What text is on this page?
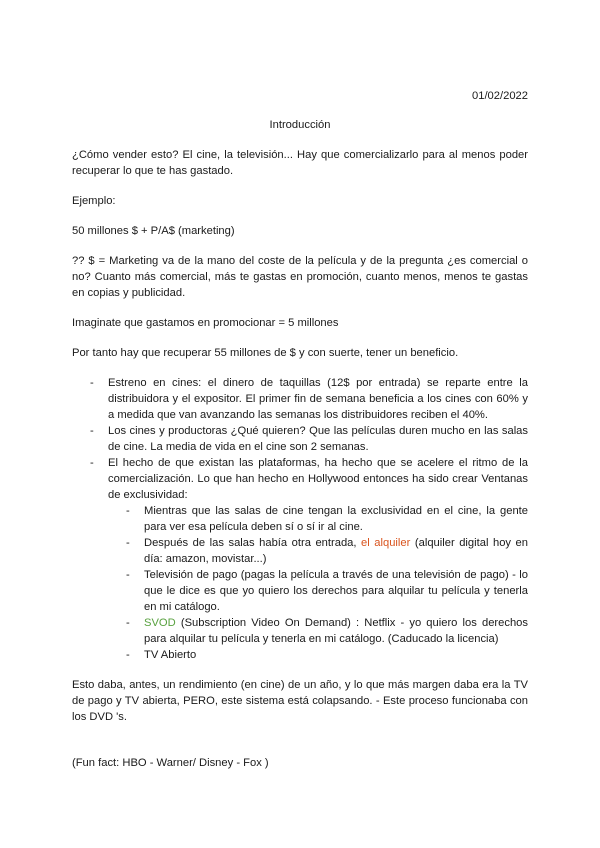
01/02/2022
Introducción

¿Cómo vender esto? El cine, la televisión... Hay que comercializarlo para al menos poder recuperar lo que te has gastado.

Ejemplo:

50 millones $ + P/A$ (marketing)

?? $ = Marketing va de la mano del coste de la película y de la pregunta ¿es comercial o no? Cuanto más comercial, más te gastas en promoción, cuanto menos, menos te gastas en copias y publicidad.

Imaginate que gastamos en promocionar = 5 millones

Por tanto hay que recuperar 55 millones de $ y con suerte, tener un beneficio.

- Estreno en cines: el dinero de taquillas (12$ por entrada) se reparte entre la distribuidora y el expositor. El primer fin de semana beneficia a los cines con 60% y a medida que van avanzando las semanas los distribuidores reciben el 40%.
- Los cines y productoras ¿Qué quieren? Que las películas duren mucho en las salas de cine. La media de vida en el cine son 2 semanas.
- El hecho de que existan las plataformas, ha hecho que se acelere el ritmo de la comercialización. Lo que han hecho en Hollywood entonces ha sido crear Ventanas de exclusividad:
- Mientras que las salas de cine tengan la exclusividad en el cine, la gente para ver esa película deben sí o sí ir al cine.
- Después de las salas había otra entrada, el alquiler (alquiler digital hoy en día: amazon, movistar...)
- Televisión de pago (pagas la película a través de una televisión de pago) - lo que le dice es que yo quiero los derechos para alquilar tu película y tenerla en mi catálogo.
- SVOD (Subscription Video On Demand) : Netflix - yo quiero los derechos para alquilar tu película y tenerla en mi catálogo. (Caducado la licencia)
- TV Abierto

Esto daba, antes, un rendimiento (en cine) de un año, y lo que más margen daba era la TV de pago y TV abierta, PERO, este sistema está colapsando. - Este proceso funcionaba con los DVD 's.

(Fun fact: HBO - Warner/ Disney - Fox )
